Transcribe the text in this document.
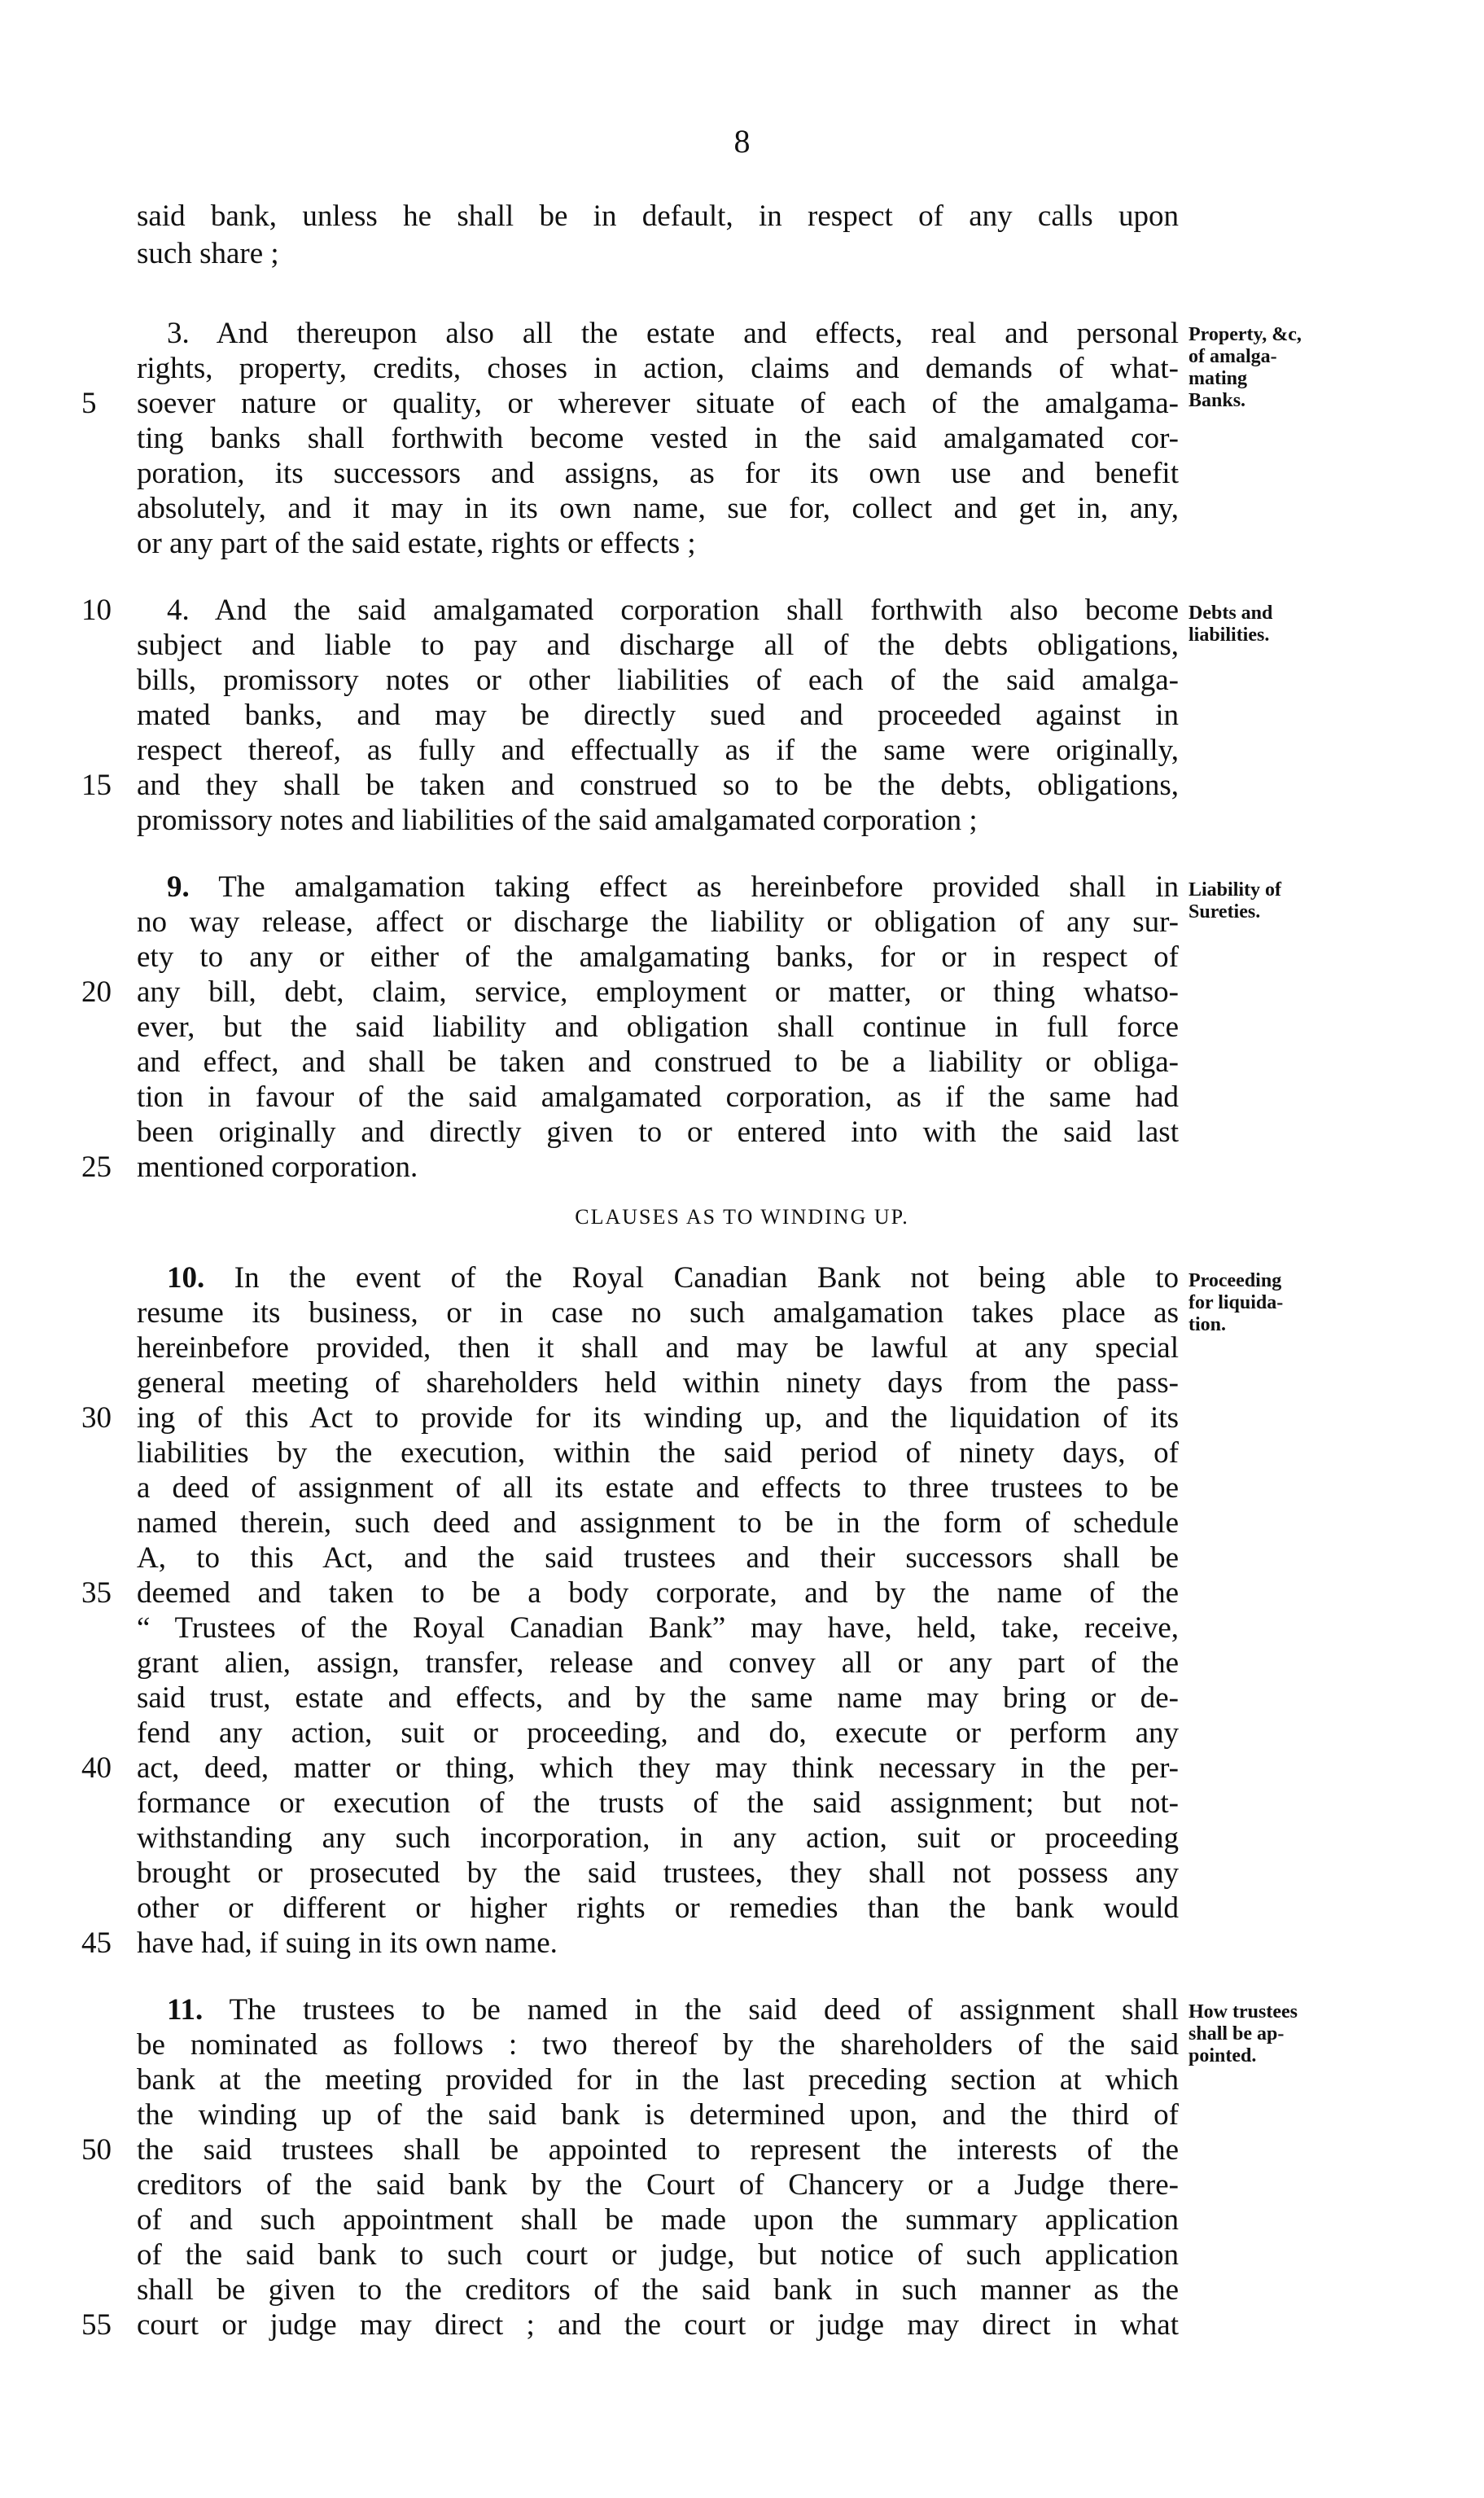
8
said bank, unless he shall be in default, in respect of any calls upon
such share ;
3. And thereupon also all the estate and effects, real and personal
rights, property, credits, choses in action, claims and demands of what-
soever nature or quality, or wherever situate of each of the amalgama-
ting banks shall forthwith become vested in the said amalgamated cor-
poration, its successors and assigns, as for its own use and benefit
absolutely, and it may in its own name, sue for, collect and get in, any,
or any part of the said estate, rights or effects ;
Property, &c,
of amalga-
mating
Banks.
4. And the said amalgamated corporation shall forthwith also become
subject and liable to pay and discharge all of the debts obligations,
bills, promissory notes or other liabilities of each of the said amalga-
mated banks, and may be directly sued and proceeded against in
respect thereof, as fully and effectually as if the same were originally,
and they shall be taken and construed so to be the debts, obligations,
promissory notes and liabilities of the said amalgamated corporation ;
Debts and
liabilities.
9. The amalgamation taking effect as hereinbefore provided shall in
no way release, affect or discharge the liability or obligation of any sur-
ety to any or either of the amalgamating banks, for or in respect of
any bill, debt, claim, service, employment or matter, or thing whatso-
ever, but the said liability and obligation shall continue in full force
and effect, and shall be taken and construed to be a liability or obliga-
tion in favour of the said amalgamated corporation, as if the same had
been originally and directly given to or entered into with the said last
mentioned corporation.
Liability of
Sureties.
CLAUSES AS TO WINDING UP.
10. In the event of the Royal Canadian Bank not being able to
resume its business, or in case no such amalgamation takes place as
hereinbefore provided, then it shall and may be lawful at any special
general meeting of shareholders held within ninety days from the pass-
ing of this Act to provide for its winding up, and the liquidation of its
liabilities by the execution, within the said period of ninety days, of
a deed of assignment of all its estate and effects to three trustees to be
named therein, such deed and assignment to be in the form of schedule
A, to this Act, and the said trustees and their successors shall be
deemed and taken to be a body corporate, and by the name of the
“ Trustees of the Royal Canadian Bank” may have, held, take, receive,
grant alien, assign, transfer, release and convey all or any part of the
said trust, estate and effects, and by the same name may bring or de-
fend any action, suit or proceeding, and do, execute or perform any
act, deed, matter or thing, which they may think necessary in the per-
formance or execution of the trusts of the said assignment; but not-
withstanding any such incorporation, in any action, suit or proceeding
brought or prosecuted by the said trustees, they shall not possess any
other or different or higher rights or remedies than the bank would
have had, if suing in its own name.
Proceeding
for liquida-
tion.
11. The trustees to be named in the said deed of assignment shall
be nominated as follows : two thereof by the shareholders of the said
bank at the meeting provided for in the last preceding section at which
the winding up of the said bank is determined upon, and the third of
the said trustees shall be appointed to represent the interests of the
creditors of the said bank by the Court of Chancery or a Judge there-
of and such appointment shall be made upon the summary application
of the said bank to such court or judge, but notice of such application
shall be given to the creditors of the said bank in such manner as the
court or judge may direct ; and the court or judge may direct in what
How trustees
shall be ap-
pointed.
5
10
15
20
25
30
35
40
45
50
55
